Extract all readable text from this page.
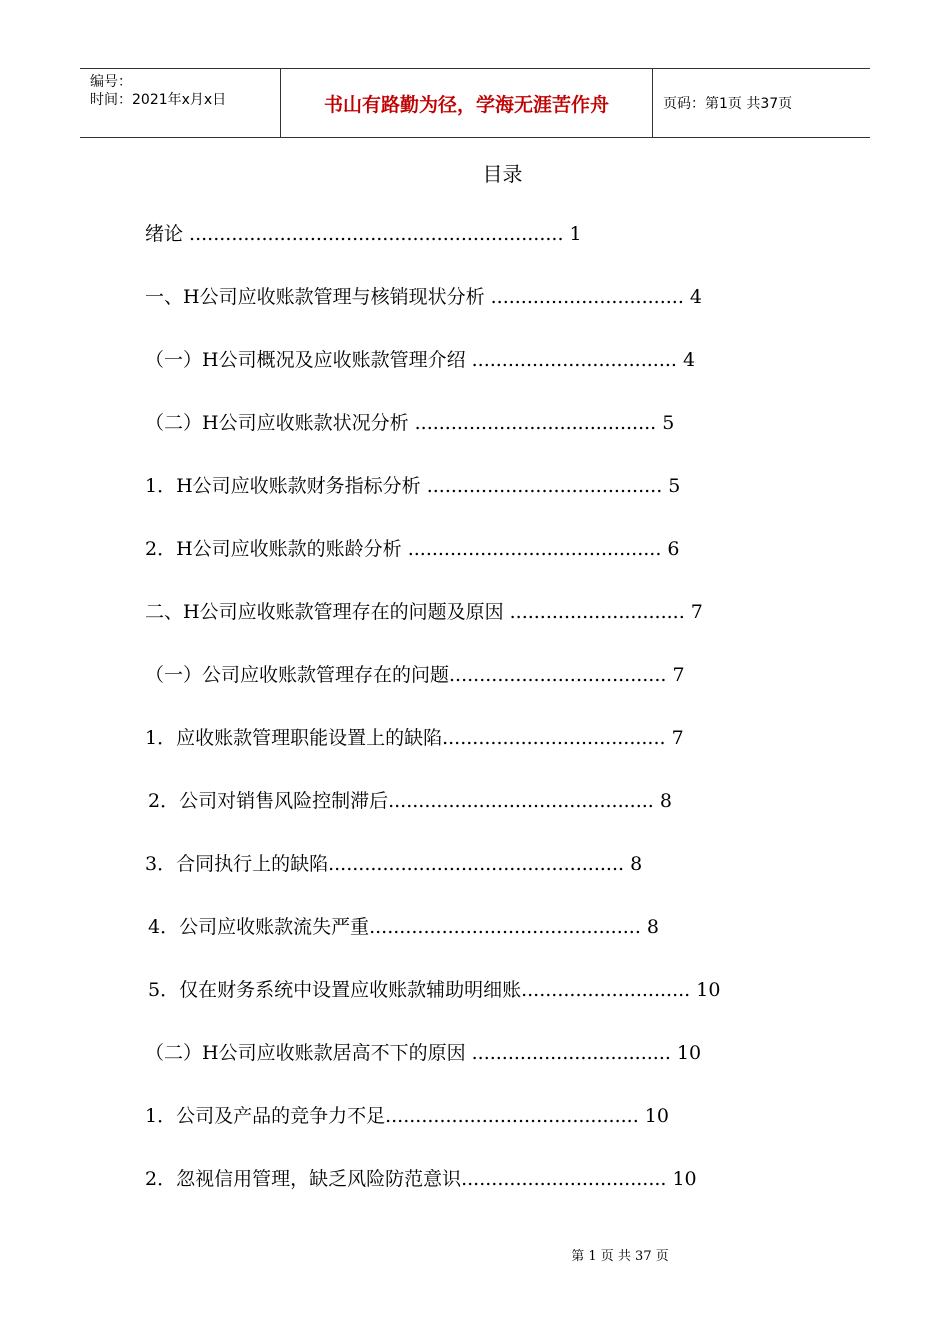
编号：
时间：2021年x月x日	书山有路勤为径，学海无涯苦作舟	页码：第1页 共37页
目录
绪论 .............................................................. 1
一、H公司应收账款管理与核销现状分析 ................................ 4
（一）H公司概况及应收账款管理介绍 .................................. 4
（二）H公司应收账款状况分析 ........................................ 5
1．H公司应收账款财务指标分析 ....................................... 5
2．H公司应收账款的账龄分析 .......................................... 6
二、H公司应收账款管理存在的问题及原因 ............................. 7
（一）公司应收账款管理存在的问题.................................... 7
1．应收账款管理职能设置上的缺陷..................................... 7
2．公司对销售风险控制滞后............................................ 8
3．合同执行上的缺陷................................................. 8
4．公司应收账款流失严重............................................. 8
5．仅在财务系统中设置应收账款辅助明细账............................ 10
（二）H公司应收账款居高不下的原因 ................................. 10
1．公司及产品的竞争力不足.......................................... 10
2．忽视信用管理，缺乏风险防范意识.................................. 10
第 1 页 共 37 页
